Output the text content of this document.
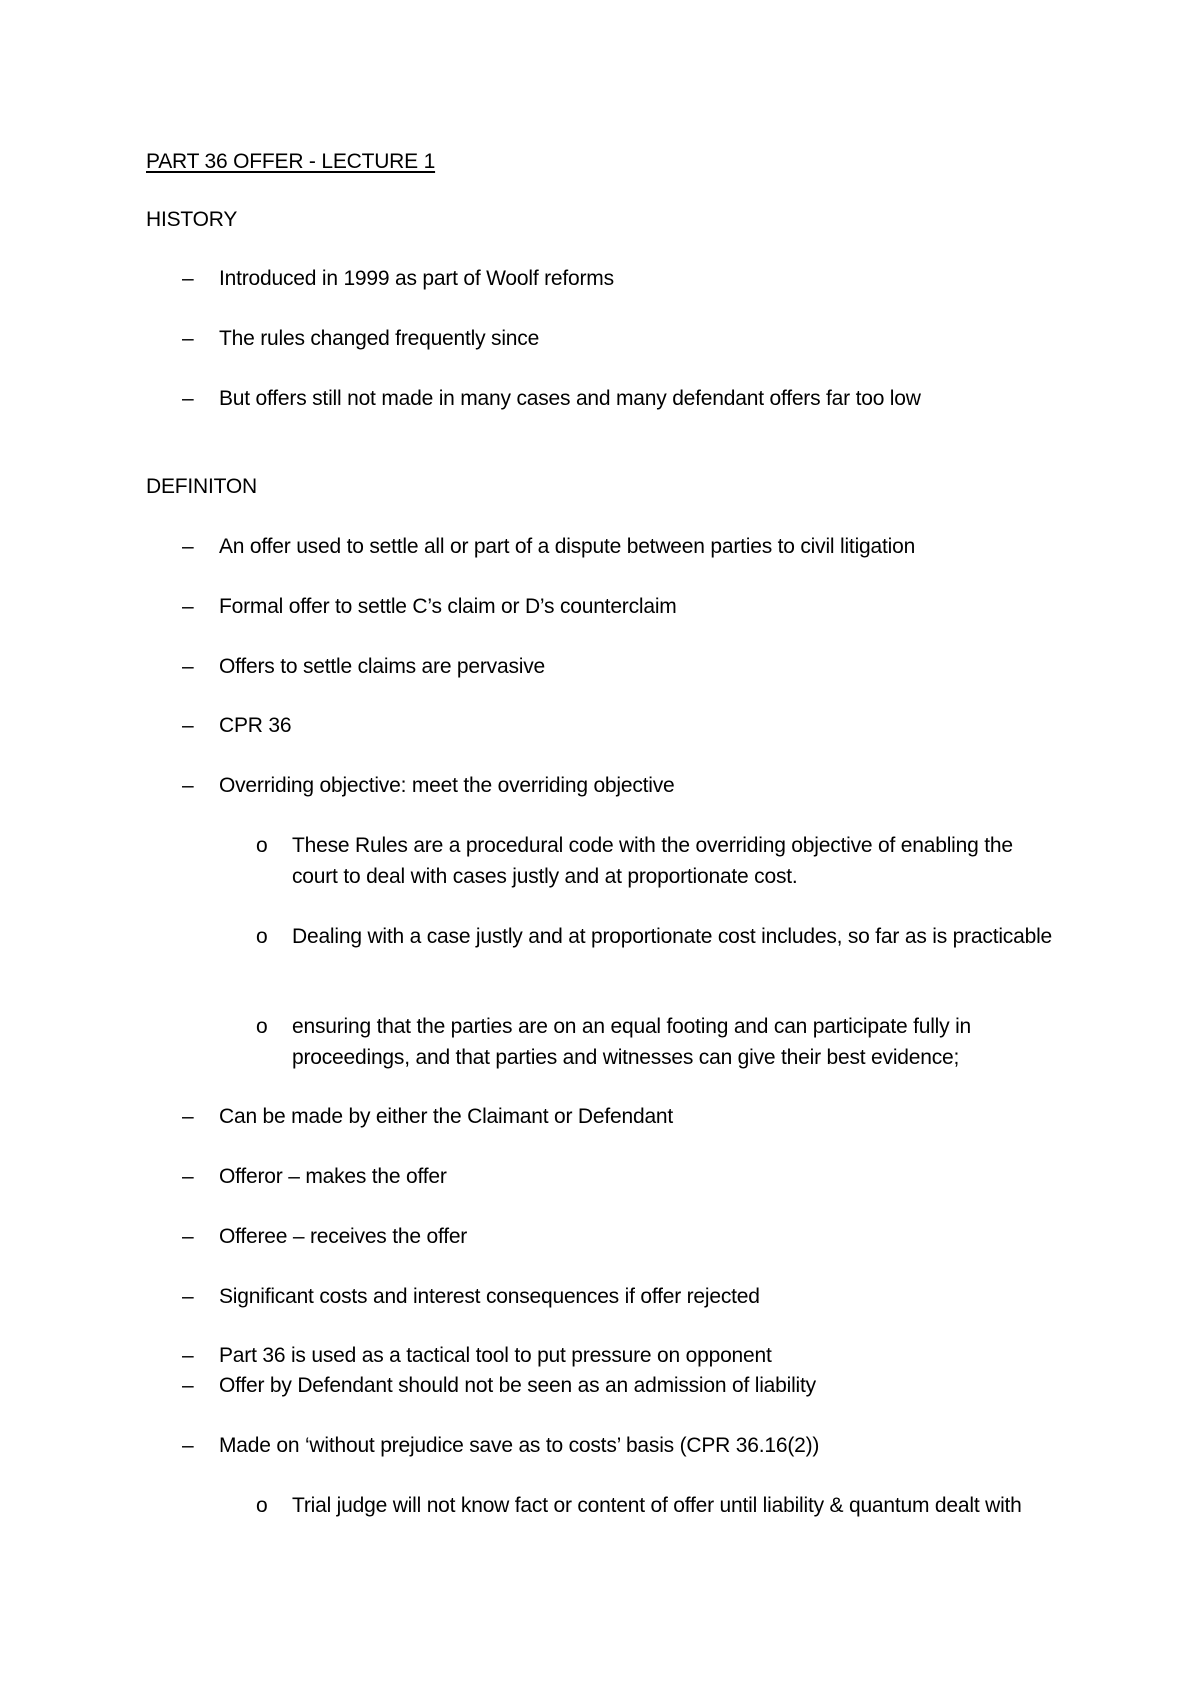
PART 36 OFFER - LECTURE 1
HISTORY
– Introduced in 1999 as part of Woolf reforms
– The rules changed frequently since
– But offers still not made in many cases and many defendant offers far too low
DEFINITON
– An offer used to settle all or part of a dispute between parties to civil litigation
– Formal offer to settle C’s claim or D’s counterclaim
– Offers to settle claims are pervasive
– CPR 36
– Overriding objective: meet the overriding objective
o These Rules are a procedural code with the overriding objective of enabling the court to deal with cases justly and at proportionate cost.
o Dealing with a case justly and at proportionate cost includes, so far as is practicable
o ensuring that the parties are on an equal footing and can participate fully in proceedings, and that parties and witnesses can give their best evidence;
– Can be made by either the Claimant or Defendant
– Offeror – makes the offer
– Offeree – receives the offer
– Significant costs and interest consequences if offer rejected
– Part 36 is used as a tactical tool to put pressure on opponent
– Offer by Defendant should not be seen as an admission of liability
– Made on ‘without prejudice save as to costs’ basis (CPR 36.16(2))
o Trial judge will not know fact or content of offer until liability & quantum dealt with
